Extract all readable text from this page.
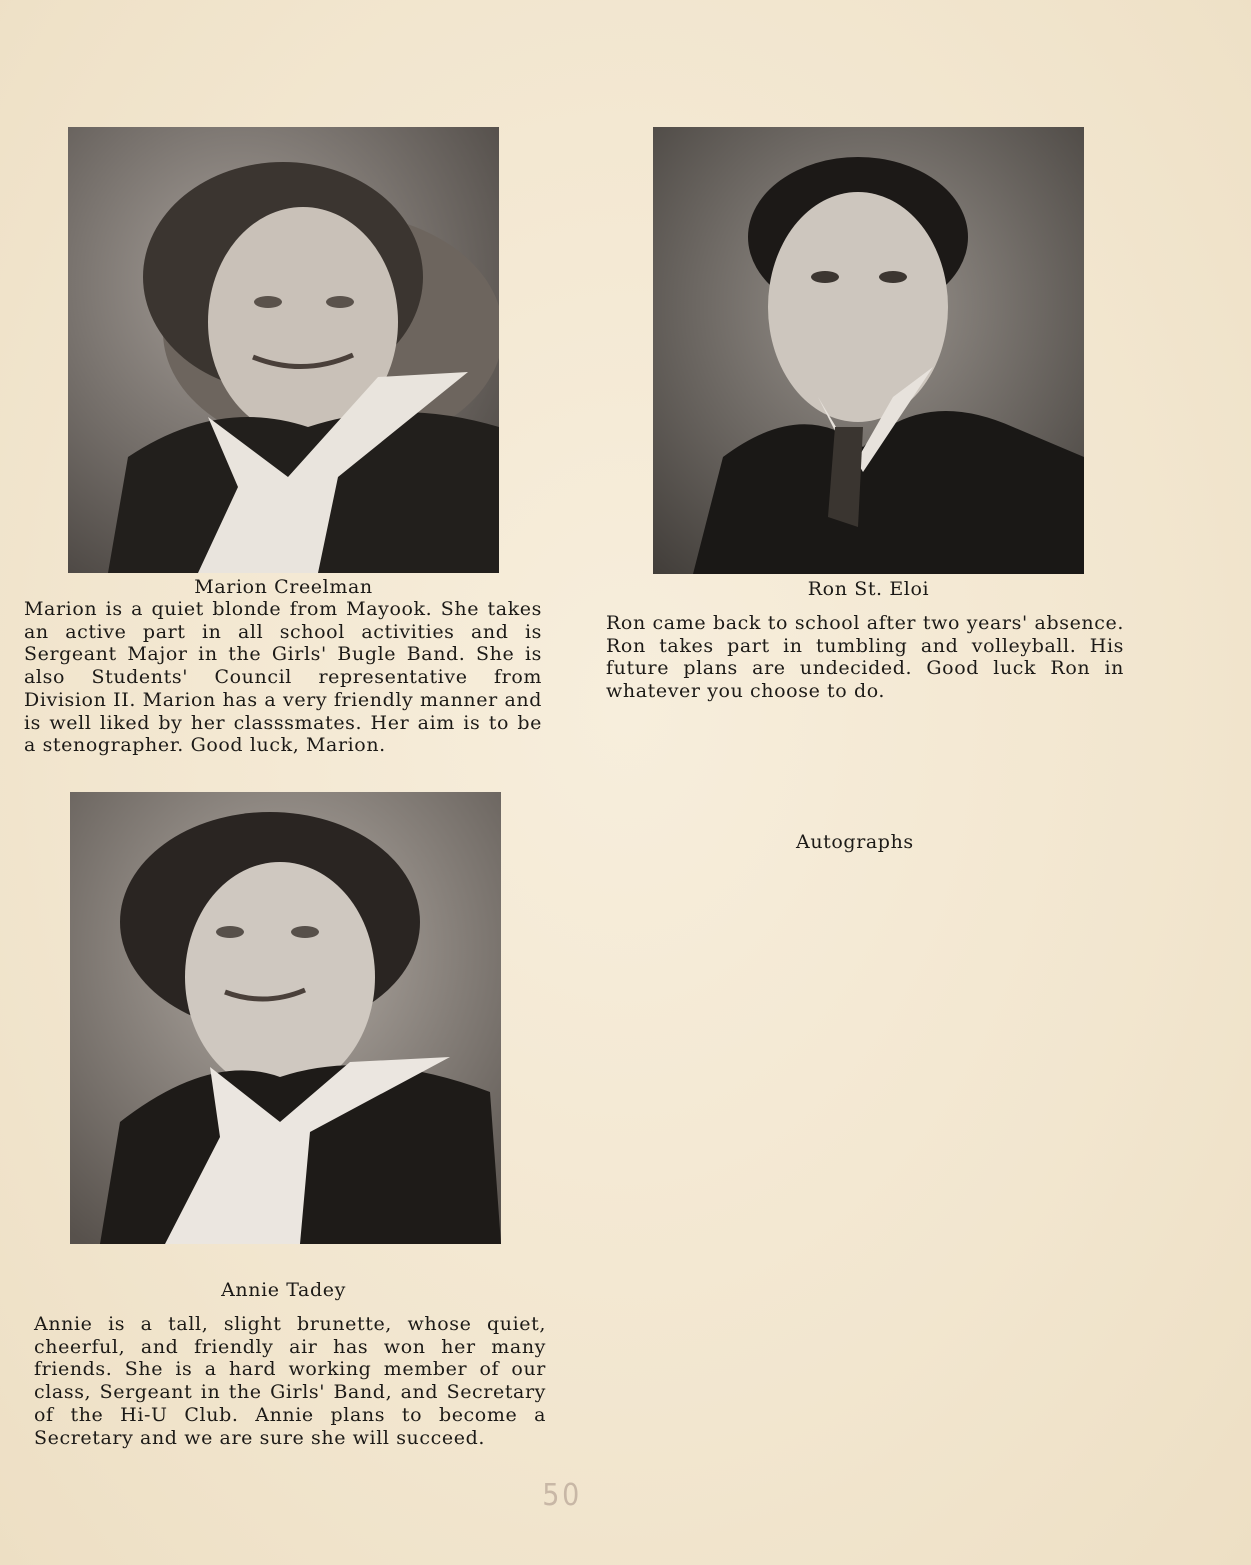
Marion Creelman

Marion is a quiet blonde from Mayook. She takes an active part in all school activities and is Sergeant Major in the Girls' Bugle Band. She is also Students' Council representative from Division II. Marion has a very friendly manner and is well liked by her classsmates. Her aim is to be a stenographer. Good luck, Marion.

Ron St. Eloi

Ron came back to school after two years' absence. Ron takes part in tumbling and volleyball. His future plans are undecided. Good luck Ron in whatever you choose to do.

Autographs
Annie Tadey

Annie is a tall, slight brunette, whose quiet, cheerful, and friendly air has won her many friends. She is a hard working member of our class, Sergeant in the Girls' Band, and Secretary of the Hi-U Club. Annie plans to become a Secretary and we are sure she will succeed.

50
